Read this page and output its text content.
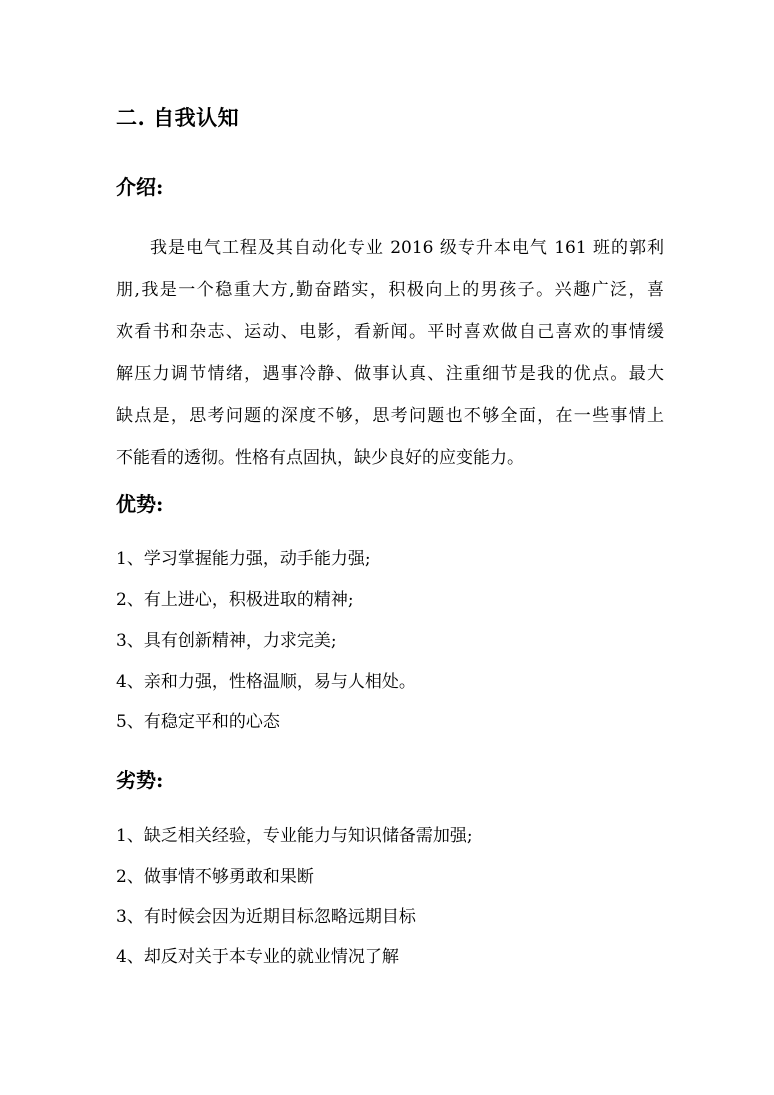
二. 自我认知
介绍:
我是电气工程及其自动化专业 2016 级专升本电气 161 班的郭利
朋,我是一个稳重大方,勤奋踏实，积极向上的男孩子。兴趣广泛，喜
欢看书和杂志、运动、电影，看新闻。平时喜欢做自己喜欢的事情缓
解压力调节情绪，遇事冷静、做事认真、注重细节是我的优点。最大
缺点是，思考问题的深度不够，思考问题也不够全面，在一些事情上
不能看的透彻。性格有点固执，缺少良好的应变能力。
优势:

1、学习掌握能力强，动手能力强;

2、有上进心，积极进取的精神;

3、具有创新精神，力求完美;

4、亲和力强，性格温顺，易与人相处。

5、有稳定平和的心态

劣势:

1、缺乏相关经验，专业能力与知识储备需加强;

2、做事情不够勇敢和果断

3、有时候会因为近期目标忽略远期目标

4、却反对关于本专业的就业情况了解
